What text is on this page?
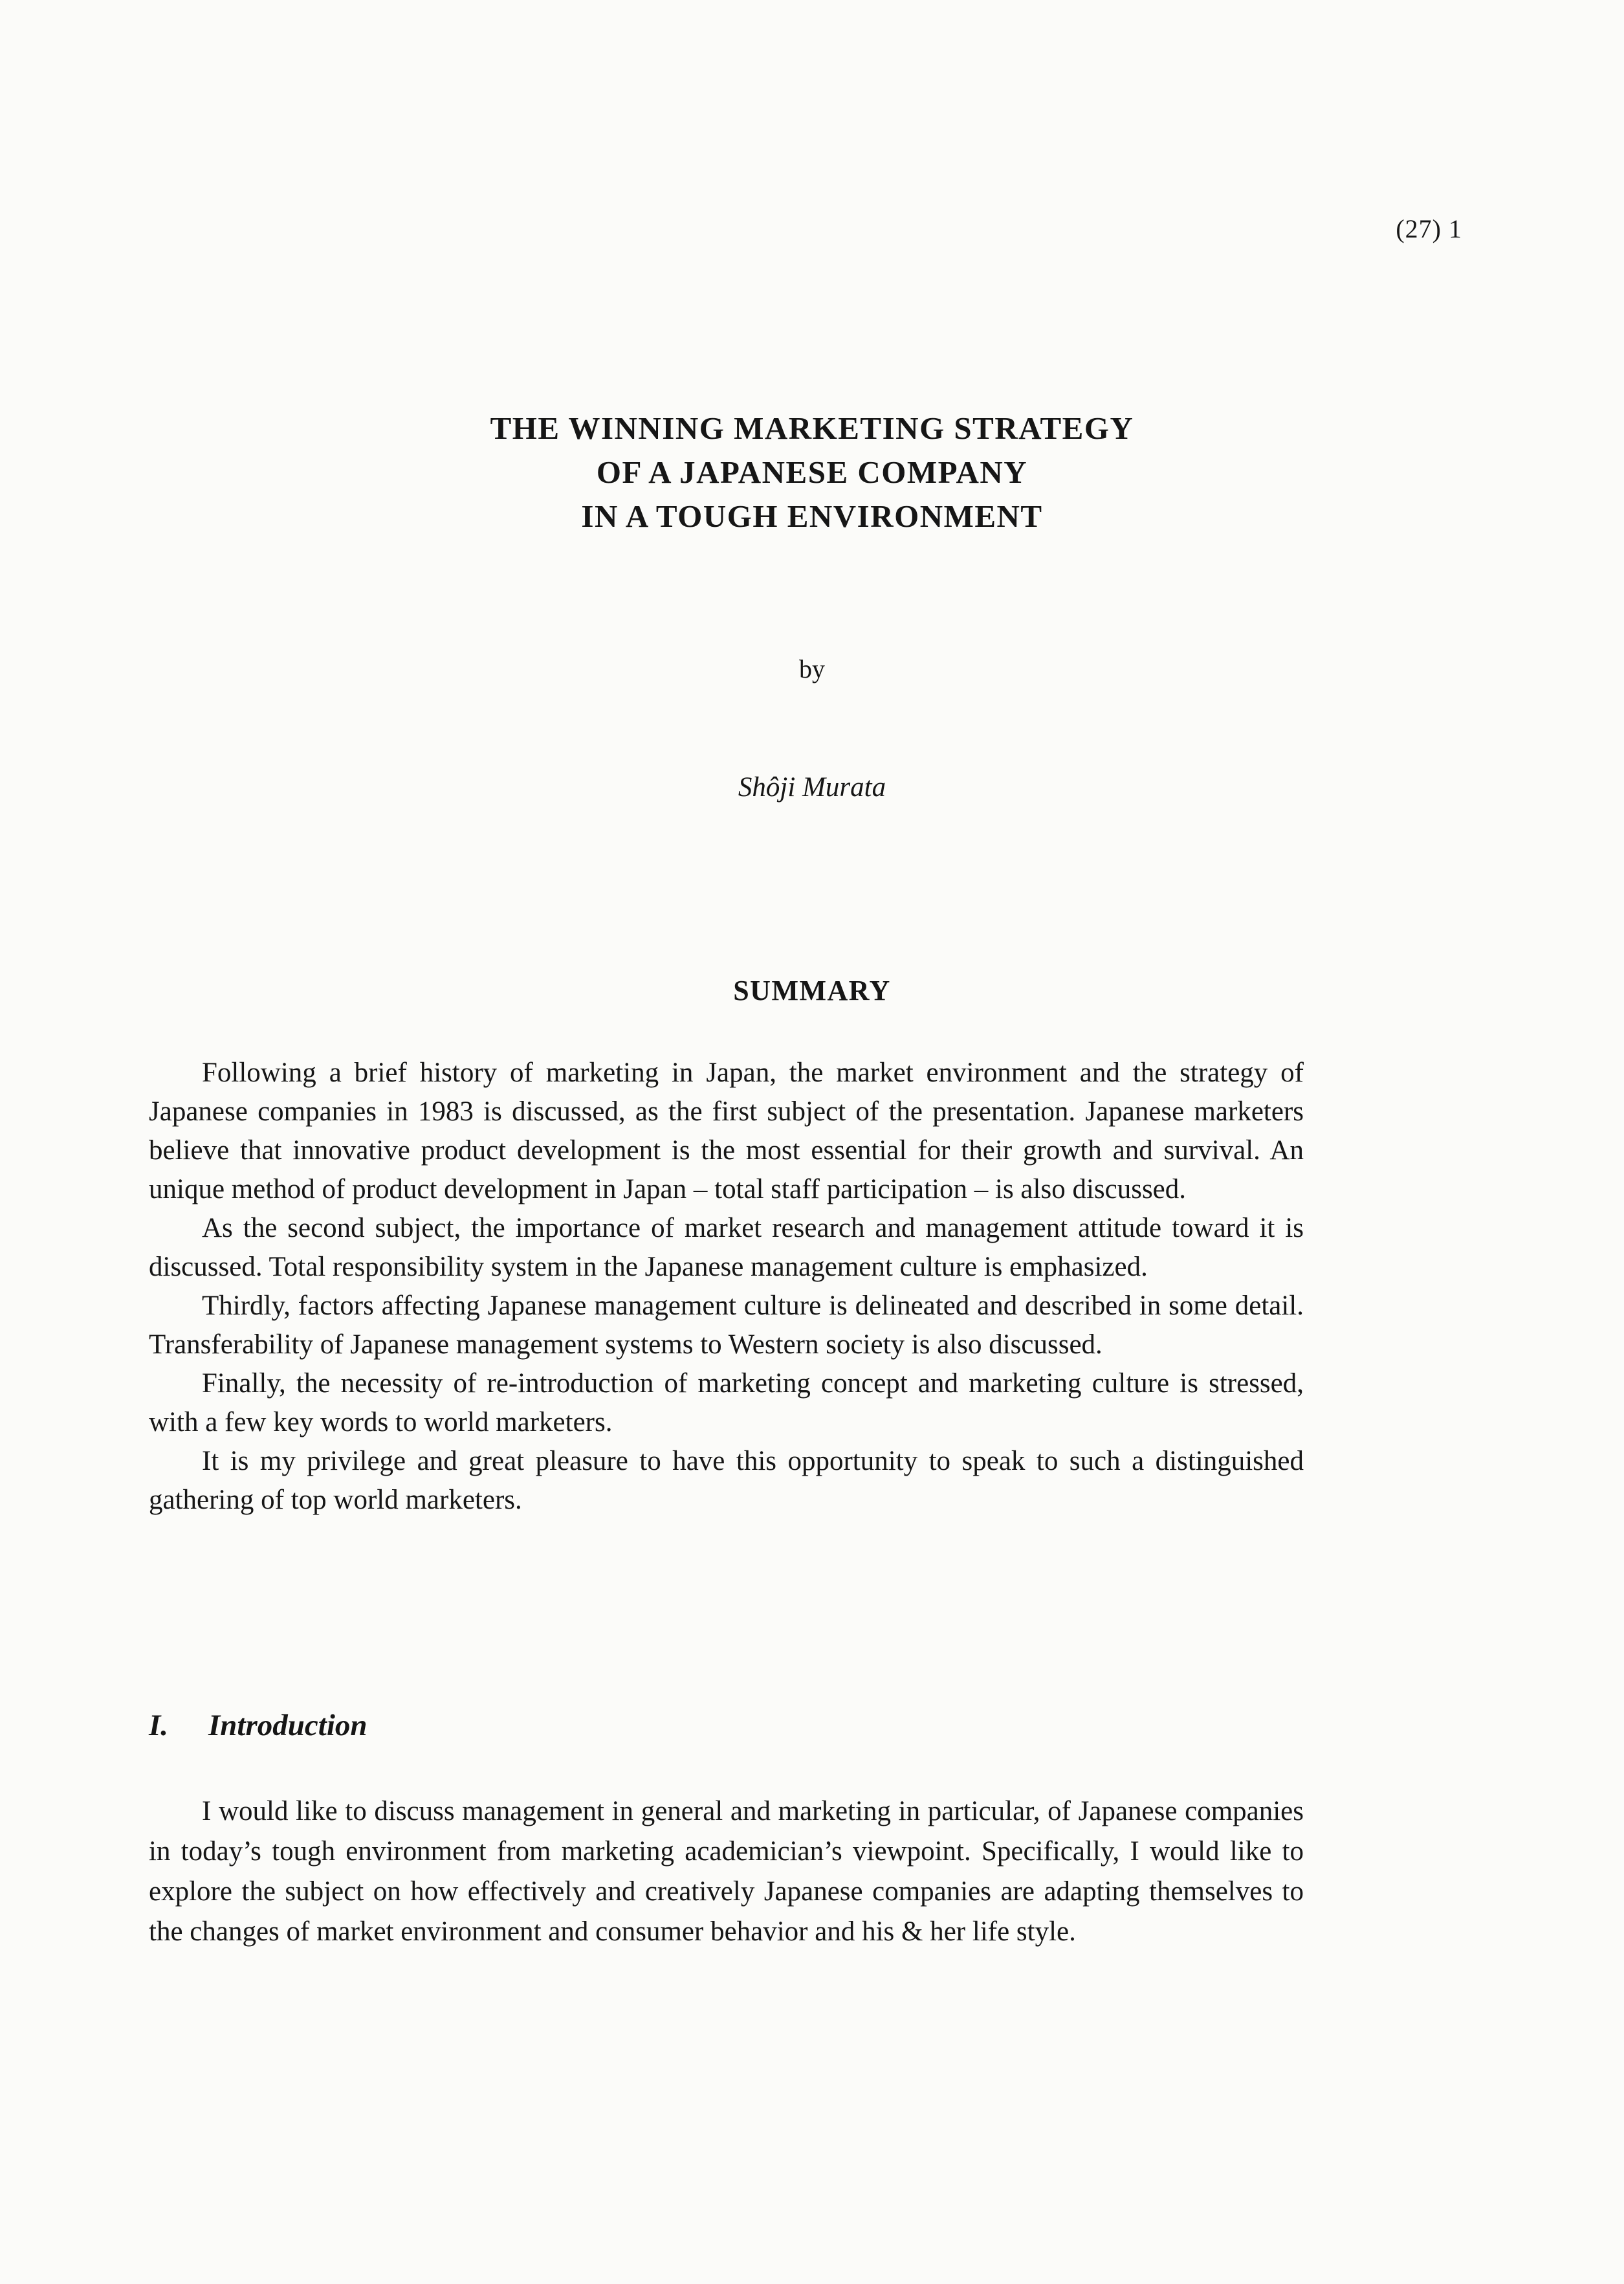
(27) 1
THE WINNING MARKETING STRATEGY
OF A JAPANESE COMPANY
IN A TOUGH ENVIRONMENT
by
Shôji Murata
SUMMARY

Following a brief history of marketing in Japan, the market environment and the strategy of Japanese companies in 1983 is discussed, as the first subject of the presentation. Japanese marketers believe that innovative product development is the most essential for their growth and survival. An unique method of product development in Japan – total staff participation – is also discussed.

As the second subject, the importance of market research and management attitude toward it is discussed. Total responsibility system in the Japanese management culture is emphasized.

Thirdly, factors affecting Japanese management culture is delineated and described in some detail. Transferability of Japanese management systems to Western society is also discussed.

Finally, the necessity of re-introduction of marketing concept and marketing culture is stressed, with a few key words to world marketers.

It is my privilege and great pleasure to have this opportunity to speak to such a distinguished gathering of top world marketers.

I. Introduction

I would like to discuss management in general and marketing in particular, of Japanese companies in today’s tough environment from marketing academician’s viewpoint. Specifically, I would like to explore the subject on how effectively and creatively Japanese companies are adapting themselves to the changes of market environment and consumer behavior and his & her life style.
